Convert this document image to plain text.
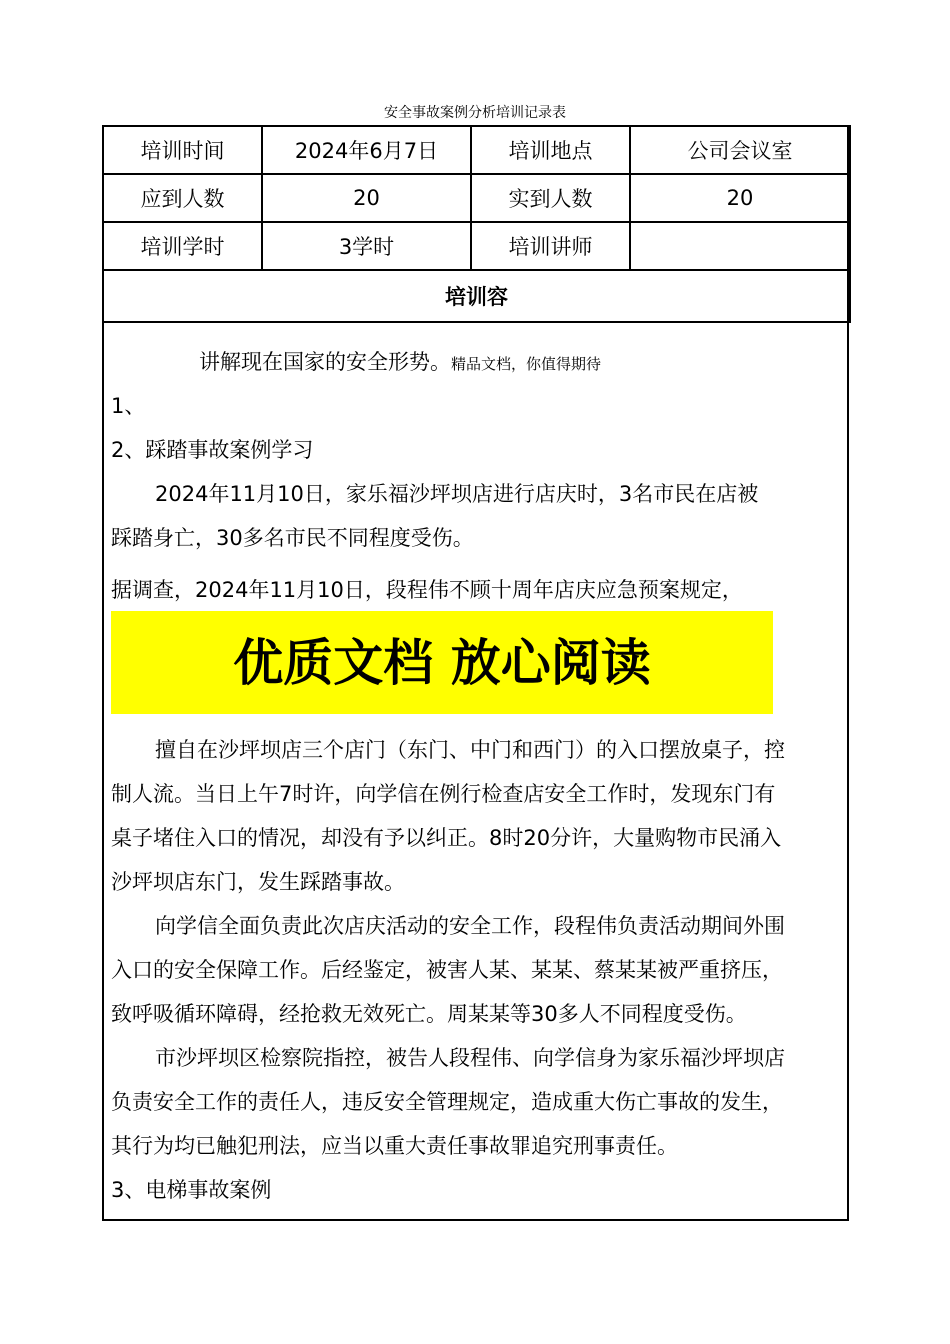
安全事故案例分析培训记录表
培训时间	2024年6月7日	培训地点	公司会议室
应到人数	20	实到人数	20
培训学时	3学时	培训讲师	
培训容			
讲解现在国家的安全形势。精品文档，你值得期待
1、
2、踩踏事故案例学习
2024年11月10日，家乐福沙坪坝店进行店庆时，3名市民在店被
踩踏身亡，30多名市民不同程度受伤。
据调查，2024年11月10日，段程伟不顾十周年店庆应急预案规定，
优质文档 放心阅读
擅自在沙坪坝店三个店门（东门、中门和西门）的入口摆放桌子，控
制人流。当日上午7时许，向学信在例行检查店安全工作时，发现东门有
桌子堵住入口的情况，却没有予以纠正。8时20分许，大量购物市民涌入
沙坪坝店东门，发生踩踏事故。
向学信全面负责此次店庆活动的安全工作，段程伟负责活动期间外围
入口的安全保障工作。后经鉴定，被害人某、某某、蔡某某被严重挤压，
致呼吸循环障碍，经抢救无效死亡。周某某等30多人不同程度受伤。
市沙坪坝区检察院指控，被告人段程伟、向学信身为家乐福沙坪坝店
负责安全工作的责任人，违反安全管理规定，造成重大伤亡事故的发生，
其行为均已触犯刑法，应当以重大责任事故罪追究刑事责任。
3、电梯事故案例
